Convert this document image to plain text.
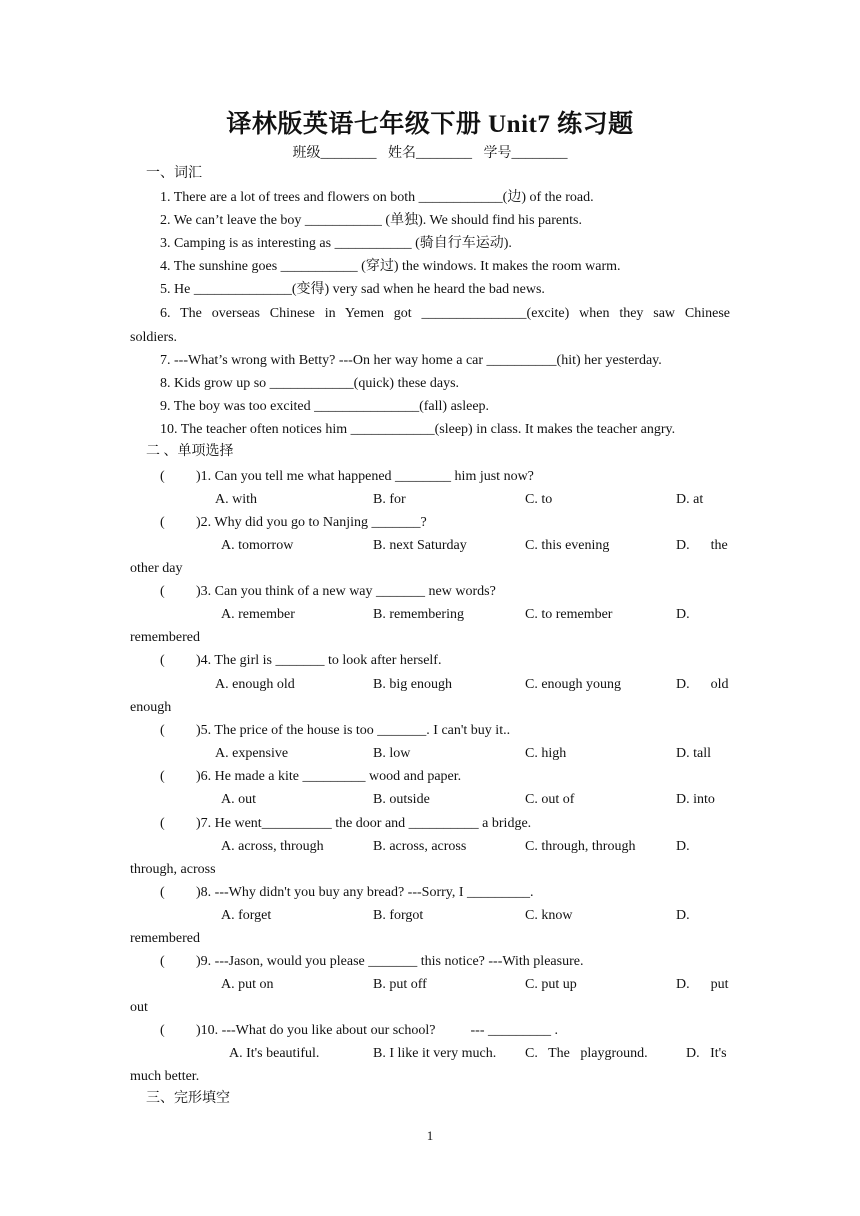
译林版英语七年级下册 Unit7 练习题
班级________ 姓名________ 学号________
一、词汇
1. There are a lot of trees and flowers on both ____________(边) of the road.
2. We can’t leave the boy ___________ (单独). We should find his parents.
3. Camping is as interesting as ___________ (骑自行车运动).
4. The sunshine goes ___________ (穿过) the windows. It makes the room warm.
5. He ______________(变得) very sad when he heard the bad news.
6. The overseas Chinese in Yemen got _______________(excite) when they saw Chinese
soldiers.
7. ---What’s wrong with Betty? ---On her way home a car __________(hit) her yesterday.
8. Kids grow up so ____________(quick) these days.
9. The boy was too excited _______________(fall) asleep.
10. The teacher often notices him ____________(sleep) in class. It makes the teacher angry.
二 、单项选择
( )1. Can you tell me what happened ________ him just now?
A. with	B. for	C. to	D. at
( )2. Why did you go to Nanjing _______?
A. tomorrow	B. next Saturday	C. this evening	D.      the
other day
( )3. Can you think of a new way _______ new words?
A. remember	B. remembering	C. to remember	D.
remembered
( )4. The girl is _______ to look after herself.
A. enough old	B. big enough	C. enough young	D.      old
enough
( )5. The price of the house is too _______. I can't buy it..
A. expensive	B. low	C. high	D. tall
( )6. He made a kite _________ wood and paper.
A. out	B. outside	C. out of	D. into
( )7. He went__________ the door and __________ a bridge.
A. across, through	B. across, across	C. through, through	D.
through, across
( )8. ---Why didn't you buy any bread? ---Sorry, I _________.
A. forget	B. forgot	C. know	D.
remembered
( )9. ---Jason, would you please _______ this notice? ---With pleasure.
A. put on	B. put off	C. put up	D.      put
out
( )10. ---What do you like about our school?          --- _________ .
A. It's beautiful.	B. I like it very much. C.   The   playground.	D.   It's
much better.
三、完形填空
1
